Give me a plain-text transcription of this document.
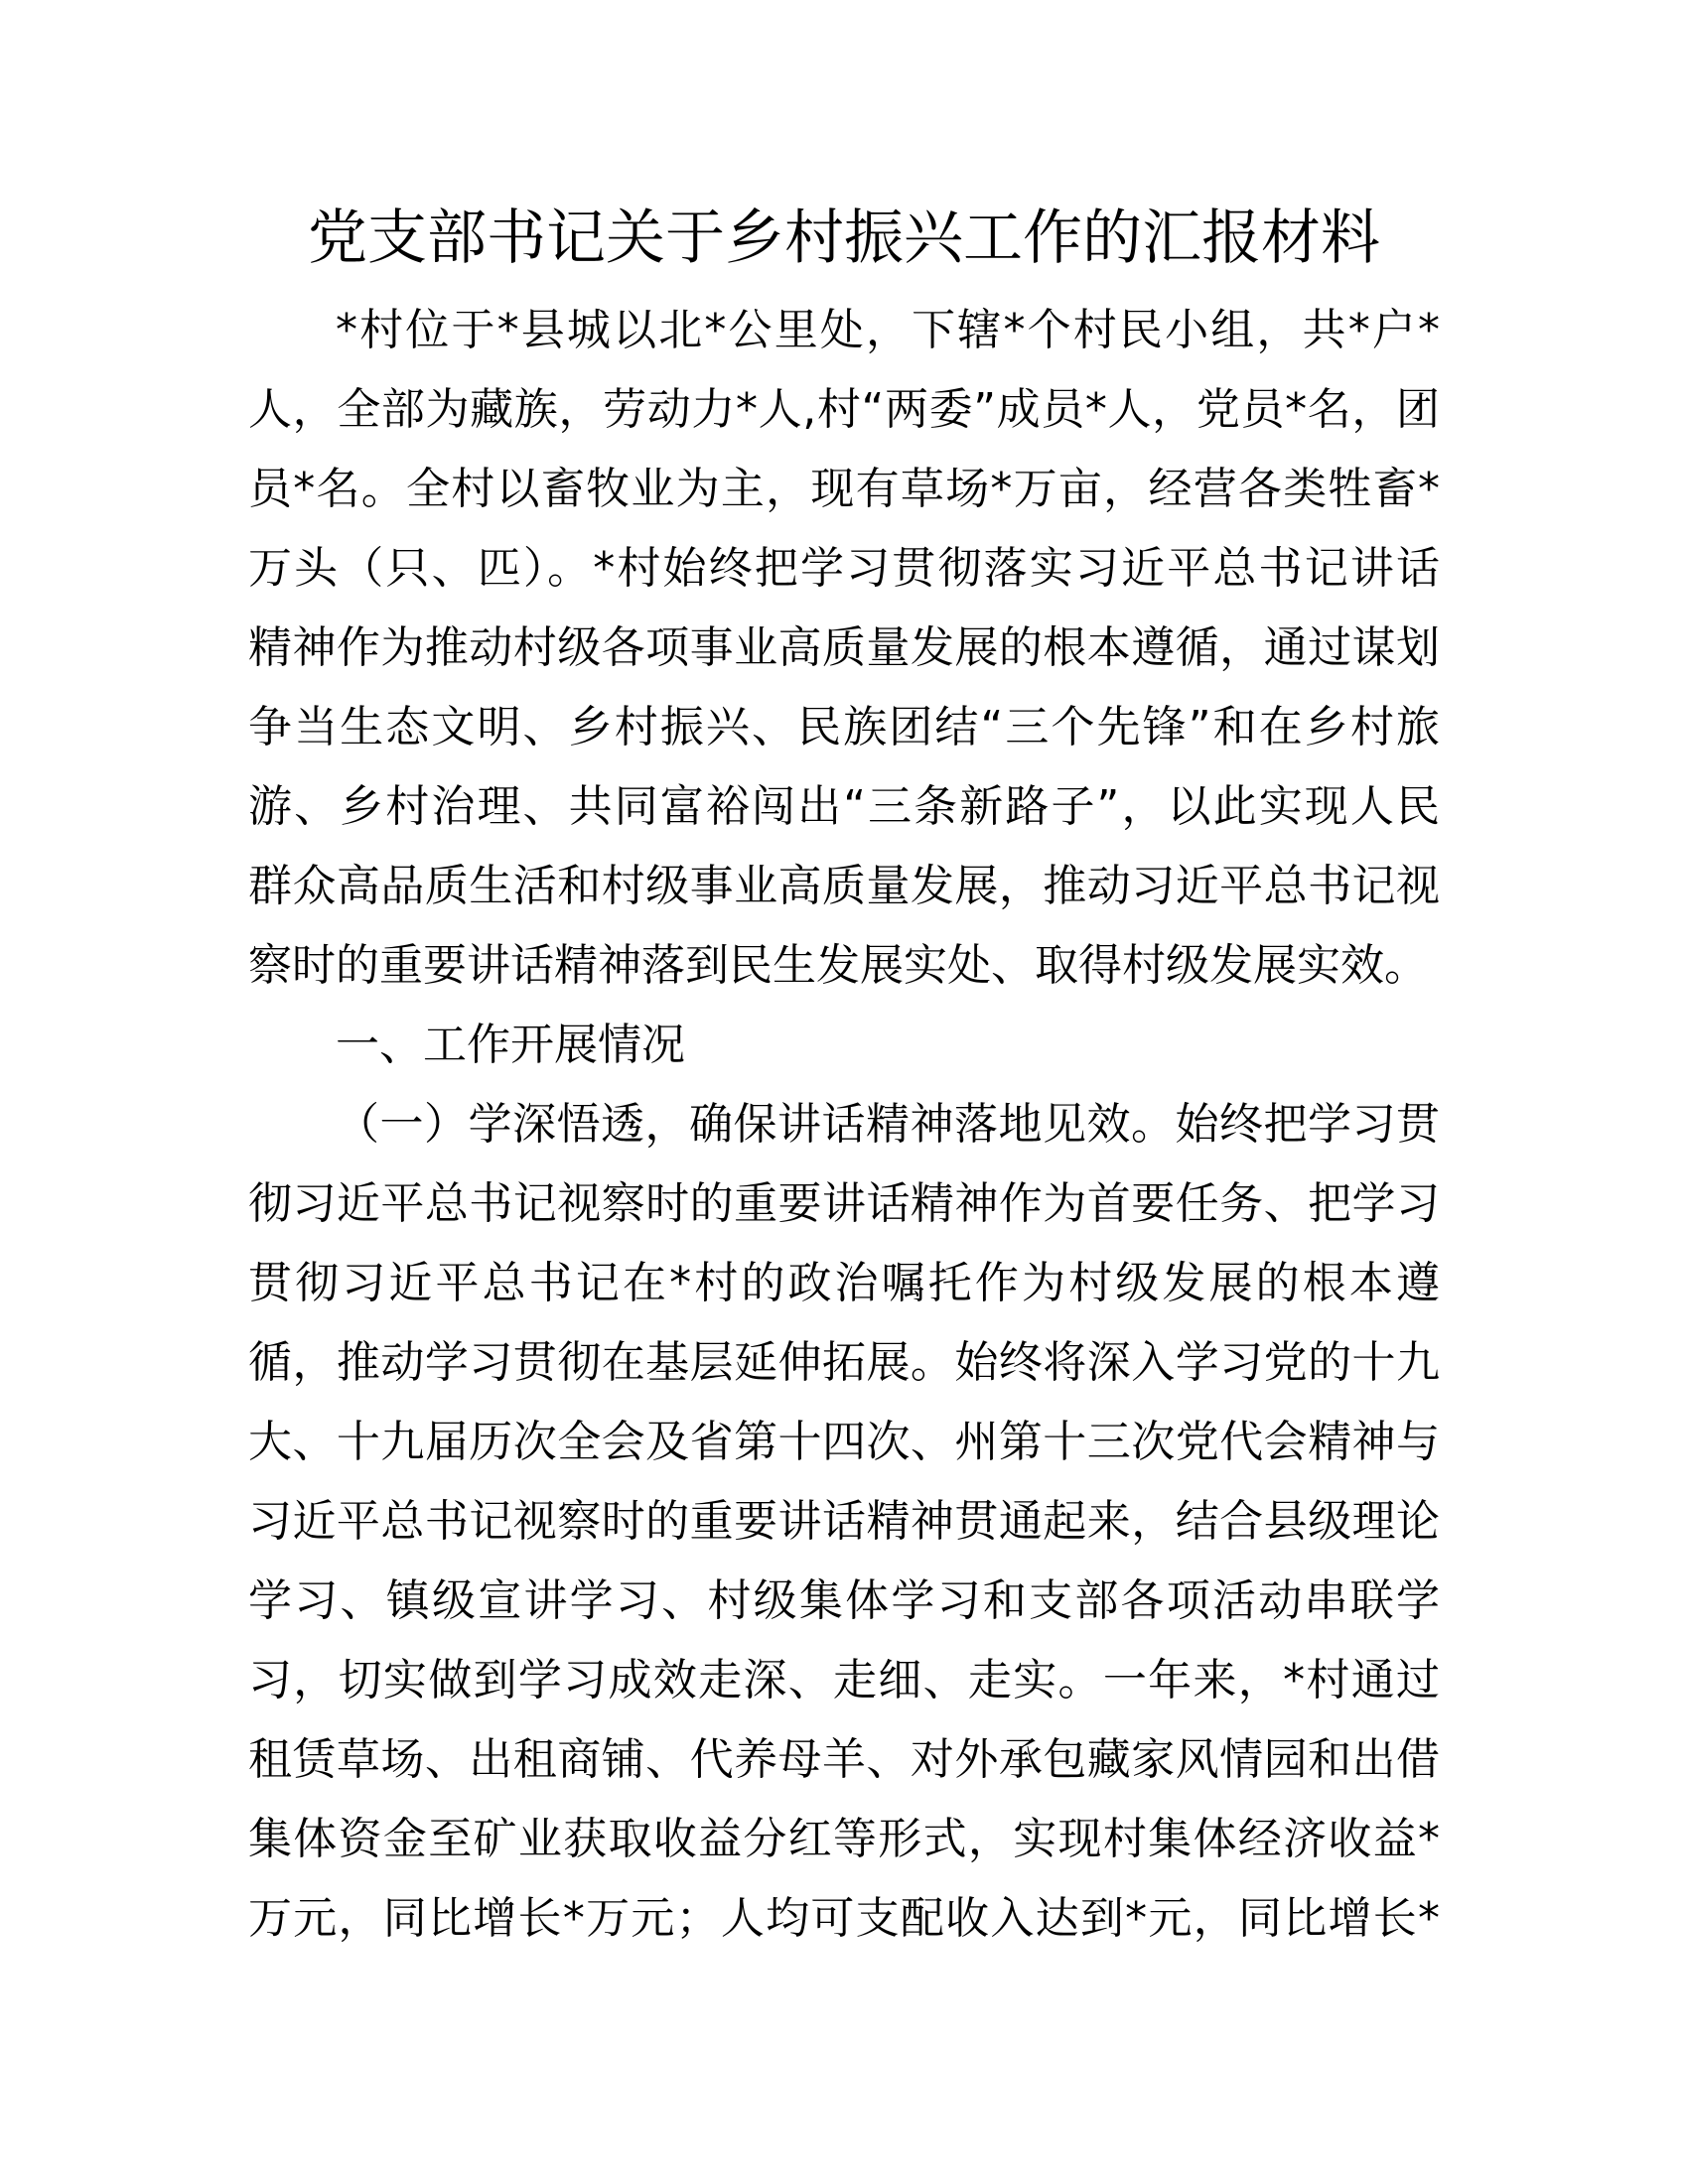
党支部书记关于乡村振兴工作的汇报材料
*村位于*县城以北*公里处，下辖*个村民小组，共*户*
人，全部为藏族，劳动力*人,村“两委”成员*人，党员*名，团
员*名。全村以畜牧业为主，现有草场*万亩，经营各类牲畜*
万头（只、匹）。*村始终把学习贯彻落实习近平总书记讲话
精神作为推动村级各项事业高质量发展的根本遵循，通过谋划
争当生态文明、乡村振兴、民族团结“三个先锋”和在乡村旅
游、乡村治理、共同富裕闯出“三条新路子”，以此实现人民
群众高品质生活和村级事业高质量发展，推动习近平总书记视
察时的重要讲话精神落到民生发展实处、取得村级发展实效。
一、工作开展情况
（一）学深悟透，确保讲话精神落地见效。始终把学习贯
彻习近平总书记视察时的重要讲话精神作为首要任务、把学习
贯彻习近平总书记在*村的政治嘱托作为村级发展的根本遵
循，推动学习贯彻在基层延伸拓展。始终将深入学习党的十九
大、十九届历次全会及省第十四次、州第十三次党代会精神与
习近平总书记视察时的重要讲话精神贯通起来，结合县级理论
学习、镇级宣讲学习、村级集体学习和支部各项活动串联学
习，切实做到学习成效走深、走细、走实。一年来，*村通过
租赁草场、出租商铺、代养母羊、对外承包藏家风情园和出借
集体资金至矿业获取收益分红等形式，实现村集体经济收益*
万元，同比增长*万元；人均可支配收入达到*元，同比增长*
